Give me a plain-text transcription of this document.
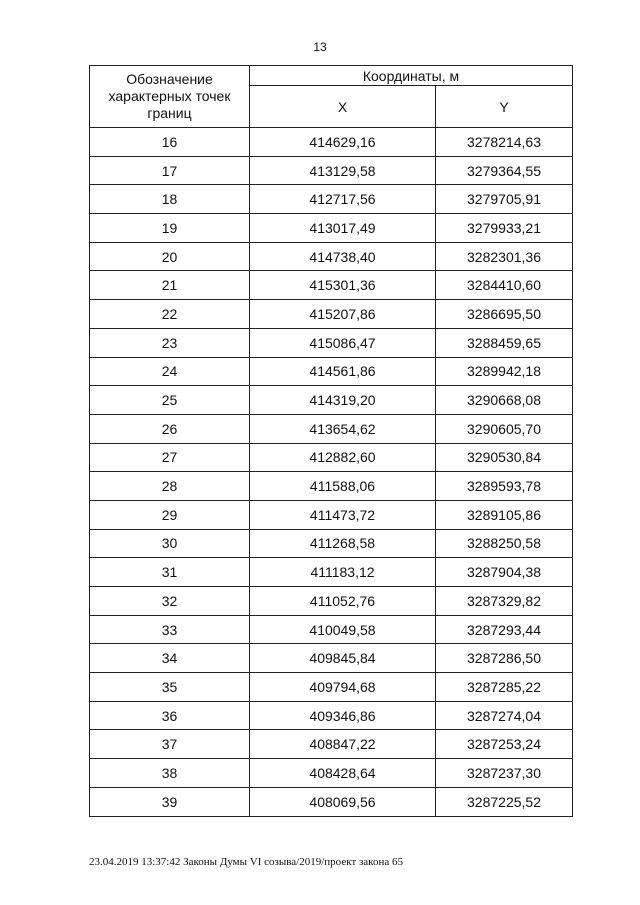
13
Обозначение характерных точек границ	Координаты, м	
	X	Y
16	414629,16	3278214,63
17	413129,58	3279364,55
18	412717,56	3279705,91
19	413017,49	3279933,21
20	414738,40	3282301,36
21	415301,36	3284410,60
22	415207,86	3286695,50
23	415086,47	3288459,65
24	414561,86	3289942,18
25	414319,20	3290668,08
26	413654,62	3290605,70
27	412882,60	3290530,84
28	411588,06	3289593,78
29	411473,72	3289105,86
30	411268,58	3288250,58
31	411183,12	3287904,38
32	411052,76	3287329,82
33	410049,58	3287293,44
34	409845,84	3287286,50
35	409794,68	3287285,22
36	409346,86	3287274,04
37	408847,22	3287253,24
38	408428,64	3287237,30
39	408069,56	3287225,52
23.04.2019 13:37:42 Законы Думы VI созыва/2019/проект закона 65
